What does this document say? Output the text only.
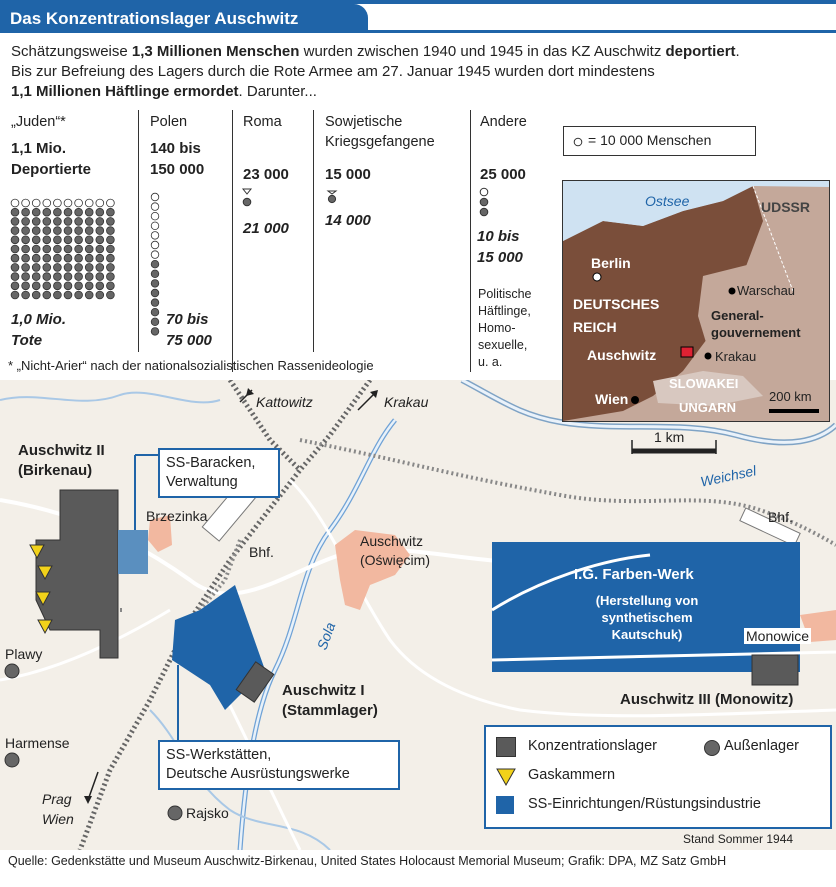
Das Konzentrationslager Auschwitz
Schätzungsweise 1,3 Millionen Menschen wurden zwischen 1940 und 1945 in das KZ Auschwitz deportiert.
Bis zur Befreiung des Lagers durch die Rote Armee am 27. Januar 1945 wurden dort mindestens
1,1 Millionen Häftlinge ermordet. Darunter...
„Juden“*
1,1 Mio. Deportierte
1,0 Mio.
Tote
Polen
140 bis
150 000
70 bis
75 000
Roma
23 000
21 000
Sowjetische
Kriegsgefangene
15 000
14 000
Andere
25 000
10 bis
15 000
Politische
Häftlinge,
Homo-
sexuelle,
u. a.
= 10 000 Menschen
* „Nicht-Arier“ nach der nationalsozialistischen Rassenideologie
Kattowitz	Krakau
1 km
Weichsel
Auschwitz II
(Birkenau)	SS-Baracken,
Verwaltung
Brzezinka
Bhf.
Bhf.
Auschwitz
(Oświęcim)
I.G. Farben-Werk
(Herstellung von
synthetischem
Kautschuk)	Monowice
Plawy
Sola
Auschwitz I
(Stammlager)
Auschwitz III (Monowitz)
Harmense
SS-Werkstätten,
Deutsche Ausrüstungswerke
Prag
Wien	Rajsko
Ostsee	UDSSR
Berlin
DEUTSCHES
REICH
Warschau
General-
gouvernement
Auschwitz	Krakau
SLOWAKEI
Wien
UNGARN
200 km
Konzentrationslager	Außenlager
Gaskammern
SS-Einrichtungen/Rüstungsindustrie
Stand Sommer 1944
Quelle: Gedenkstätte und Museum Auschwitz-Birkenau, United States Holocaust Memorial Museum; Grafik: DPA, MZ Satz GmbH
